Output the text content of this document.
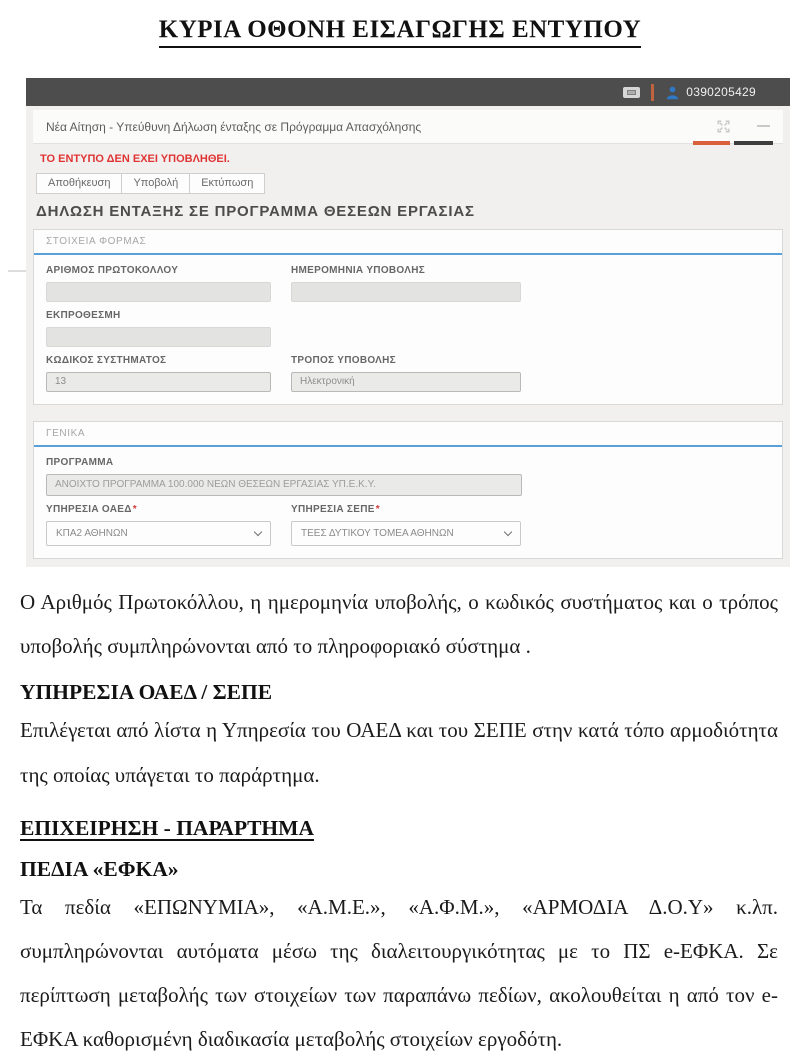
ΚΥΡΙΑ ΟΘΟΝΗ ΕΙΣΑΓΩΓΗΣ ΕΝΤΥΠΟΥ
0390205429
Νέα Αίτηση - Υπεύθυνη Δήλωση ένταξης σε Πρόγραμμα Απασχόλησης
ΤΟ ΕΝΤΥΠΟ ΔΕΝ ΕΧΕΙ ΥΠΟΒΛΗΘΕΙ.
Αποθήκευση	Υποβολή	Εκτύπωση
ΔΗΛΩΣΗ ΕΝΤΑΞΗΣ ΣΕ ΠΡΟΓΡΑΜΜΑ ΘΕΣΕΩΝ ΕΡΓΑΣΙΑΣ
ΣΤΟΙΧΕΙΑ ΦΟΡΜΑΣ
ΑΡΙΘΜΟΣ ΠΡΩΤΟΚΟΛΛΟΥ	ΗΜΕΡΟΜΗΝΙΑ ΥΠΟΒΟΛΗΣ
ΕΚΠΡΟΘΕΣΜΗ
ΚΩΔΙΚΟΣ ΣΥΣΤΗΜΑΤΟΣ
13
ΤΡΟΠΟΣ ΥΠΟΒΟΛΗΣ
Ηλεκτρονική
ΓΕΝΙΚΑ
ΠΡΟΓΡΑΜΜΑ
ΑΝΟΙΧΤΟ ΠΡΟΓΡΑΜΜΑ 100.000 ΝΕΩΝ ΘΕΣΕΩΝ ΕΡΓΑΣΙΑΣ ΥΠ.Ε.Κ.Υ.
ΥΠΗΡΕΣΙΑ ΟΑΕΔ*
ΚΠΑ2 ΑΘΗΝΩΝ
ΥΠΗΡΕΣΙΑ ΣΕΠΕ*
ΤΕΕΣ ΔΥΤΙΚΟΥ ΤΟΜΕΑ ΑΘΗΝΩΝ

Ο Αριθμός Πρωτοκόλλου, η ημερομηνία υποβολής, ο κωδικός συστήματος και ο τρόπος υποβολής συμπληρώνονται από το πληροφοριακό σύστημα .

ΥΠΗΡΕΣΙΑ ΟΑΕΔ / ΣΕΠΕ

Επιλέγεται από λίστα η Υπηρεσία του ΟΑΕΔ και του ΣΕΠΕ στην κατά τόπο αρμοδιότητα της οποίας υπάγεται το παράρτημα.

ΕΠΙΧΕΙΡΗΣΗ - ΠΑΡΑΡΤΗΜΑ
ΠΕΔΙΑ «ΕΦΚΑ»

Τα πεδία «ΕΠΩΝΥΜΙΑ», «Α.Μ.Ε.», «Α.Φ.Μ.», «ΑΡΜΟΔΙΑ Δ.Ο.Υ» κ.λπ. συμπληρώνονται αυτόματα μέσω της διαλειτουργικότητας με το ΠΣ e-ΕΦΚΑ. Σε περίπτωση μεταβολής των στοιχείων των παραπάνω πεδίων, ακολουθείται η από τον e-ΕΦΚΑ καθορισμένη διαδικασία μεταβολής στοιχείων εργοδότη.
